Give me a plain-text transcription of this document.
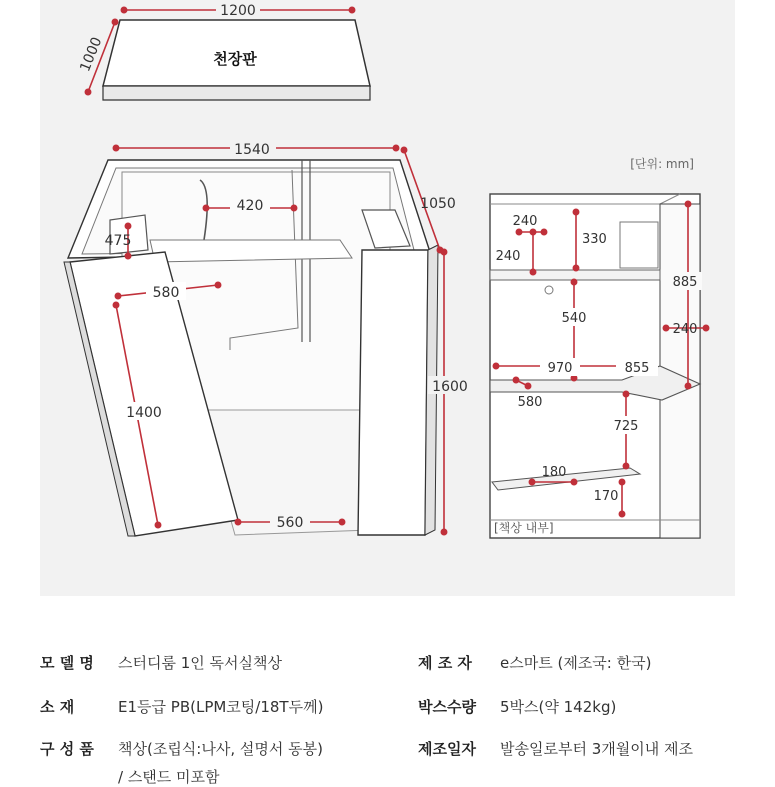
천장판
1200
1000
1540
1050
1600
420
475
580
1400
560
[단위: mm]
240
240
330
885
540
240
970	855
580
725
180
170
[책상 내부]
모 델 명 스터디룸 1인 독서실책상
소 재	E1등급 PB(LPM코팅/18T두께)
구 성 품 책상(조립식:나사, 설명서 동봉)
/ 스탠드 미포함
제 조 자 e스마트 (제조국: 한국)
박스수량 5박스(약 142kg)
제조일자 발송일로부터 3개월이내 제조
